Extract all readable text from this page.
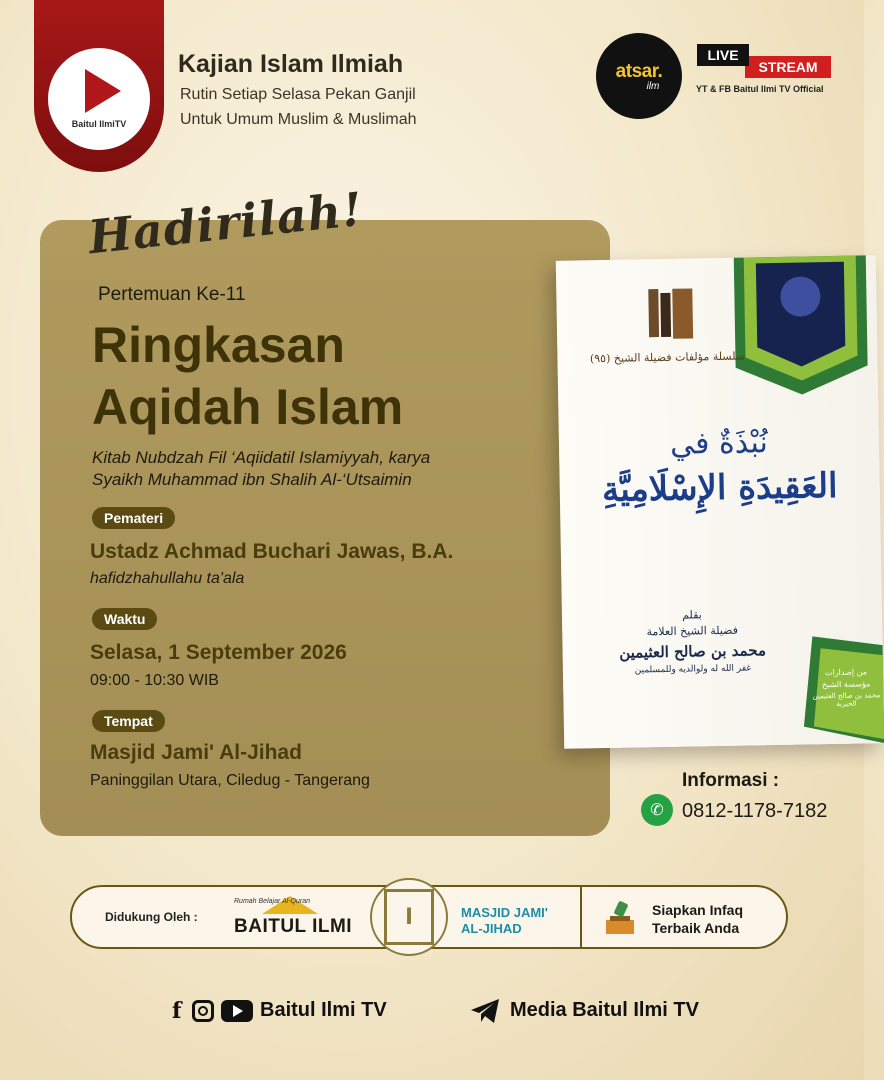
Baitul IlmiTV
Kajian Islam Ilmiah
Rutin Setiap Selasa Pekan Ganjil
Untuk Umum Muslim & Muslimah
atsar.
ilm
STREAM
LIVE
YT & FB Baitul Ilmi TV Official
Hadirilah!
Pertemuan Ke-11
Ringkasan
Aqidah Islam
Kitab Nubdzah Fil ‘Aqiidatil Islamiyyah, karya
Syaikh Muhammad ibn Shalih Al-‘Utsaimin
Pemateri
Ustadz Achmad Buchari Jawas, B.A.
hafidzhahullahu ta'ala
Waktu
Selasa, 1 September 2026
09:00 - 10:30 WIB
Tempat
Masjid Jami' Al-Jihad
Paninggilan Utara, Ciledug - Tangerang
سلسلة مؤلفات فضيلة الشيخ (٩٥)
نُبْذَةٌ في
العَقِيدَةِ الإِسْلَامِيَّةِ
بقلم
فضيلة الشيخ العلامة
محمد بن صالح العثيمين
غفر الله له ولوالديه وللمسلمين	من إصدارات
مؤسسة الشيخ
محمد بن صالح العثيمين الخيرية
Informasi :
✆ 0812-1178-7182
Didukung Oleh :
Rumah Belajar Al-Quran
BAITUL ILMI	ا	MASJID JAMI'
AL-JIHAD
Siapkan Infaq
Terbaik Anda
f	Baitul Ilmi TV	Media Baitul Ilmi TV
